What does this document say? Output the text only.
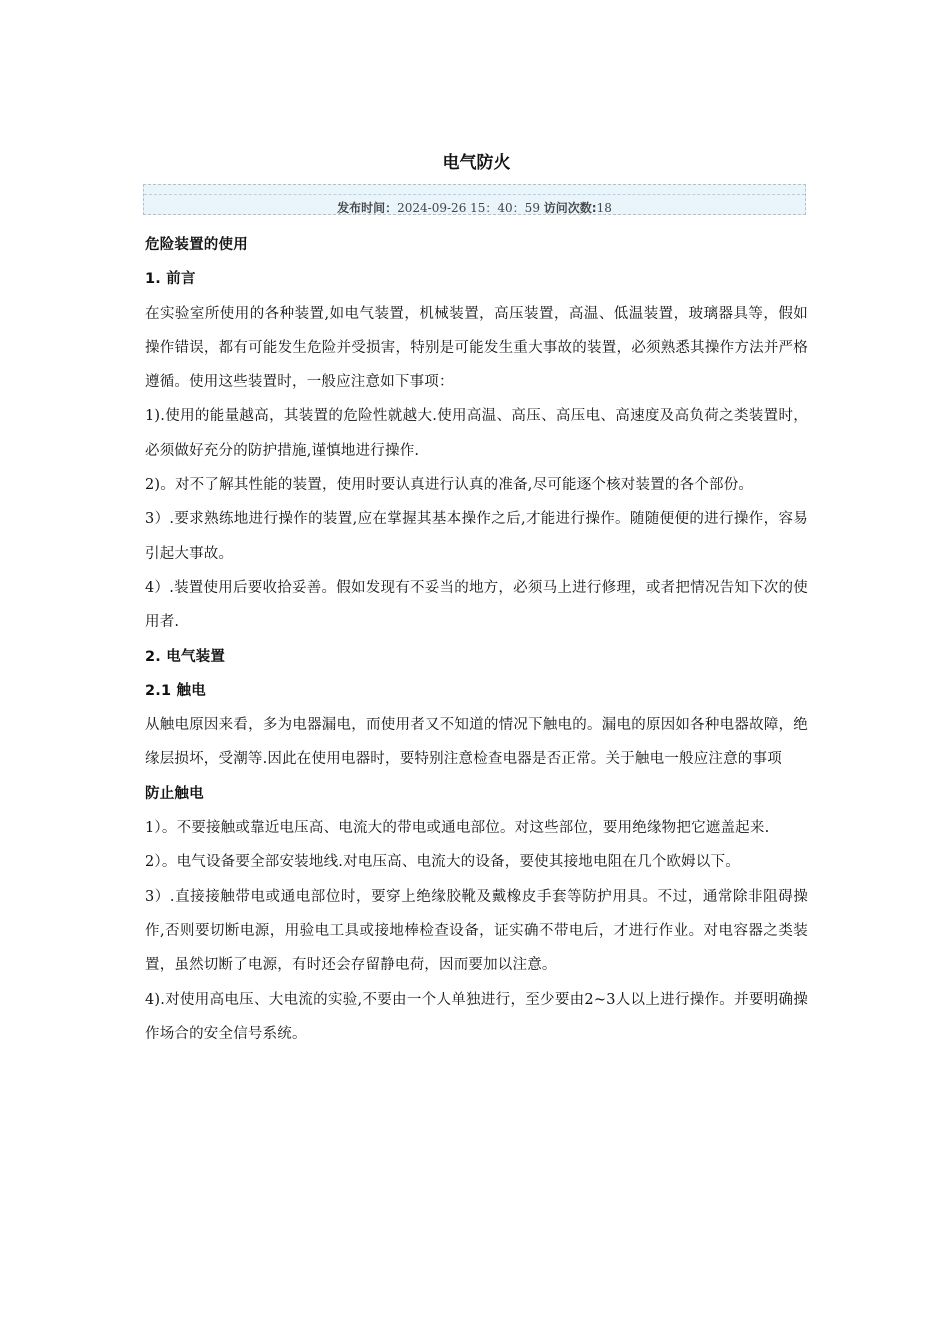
电气防火
发布时间：2024-09-26 15：40：59 访问次数:18

危险装置的使用

1. 前言

在实验室所使用的各种装置,如电气装置，机械装置，高压装置，高温、低温装置，玻璃器具等，假如操作错误，都有可能发生危险并受损害，特别是可能发生重大事故的装置，必须熟悉其操作方法并严格遵循。使用这些装置时，一般应注意如下事项：

1).使用的能量越高，其装置的危险性就越大.使用高温、高压、高压电、高速度及高负荷之类装置时，必须做好充分的防护措施,谨慎地进行操作.

2)。对不了解其性能的装置，使用时要认真进行认真的准备,尽可能逐个核对装置的各个部份。

3）.要求熟练地进行操作的装置,应在掌握其基本操作之后,才能进行操作。随随便便的进行操作，容易引起大事故。

4）.装置使用后要收拾妥善。假如发现有不妥当的地方，必须马上进行修理，或者把情况告知下次的使用者.

2. 电气装置

2.1 触电

从触电原因来看，多为电器漏电，而使用者又不知道的情况下触电的。漏电的原因如各种电器故障，绝缘层损坏，受潮等.因此在使用电器时，要特别注意检查电器是否正常。关于触电一般应注意的事项

防止触电

1）。不要接触或靠近电压高、电流大的带电或通电部位。对这些部位，要用绝缘物把它遮盖起来.

2）。电气设备要全部安装地线.对电压高、电流大的设备，要使其接地电阻在几个欧姆以下。

3）.直接接触带电或通电部位时，要穿上绝缘胶靴及戴橡皮手套等防护用具。不过，通常除非阻碍操作,否则要切断电源，用验电工具或接地棒检查设备，证实确不带电后，才进行作业。对电容器之类装置，虽然切断了电源，有时还会存留静电荷，因而要加以注意。

4).对使用高电压、大电流的实验,不要由一个人单独进行，至少要由2~3人以上进行操作。并要明确操作场合的安全信号系统。
